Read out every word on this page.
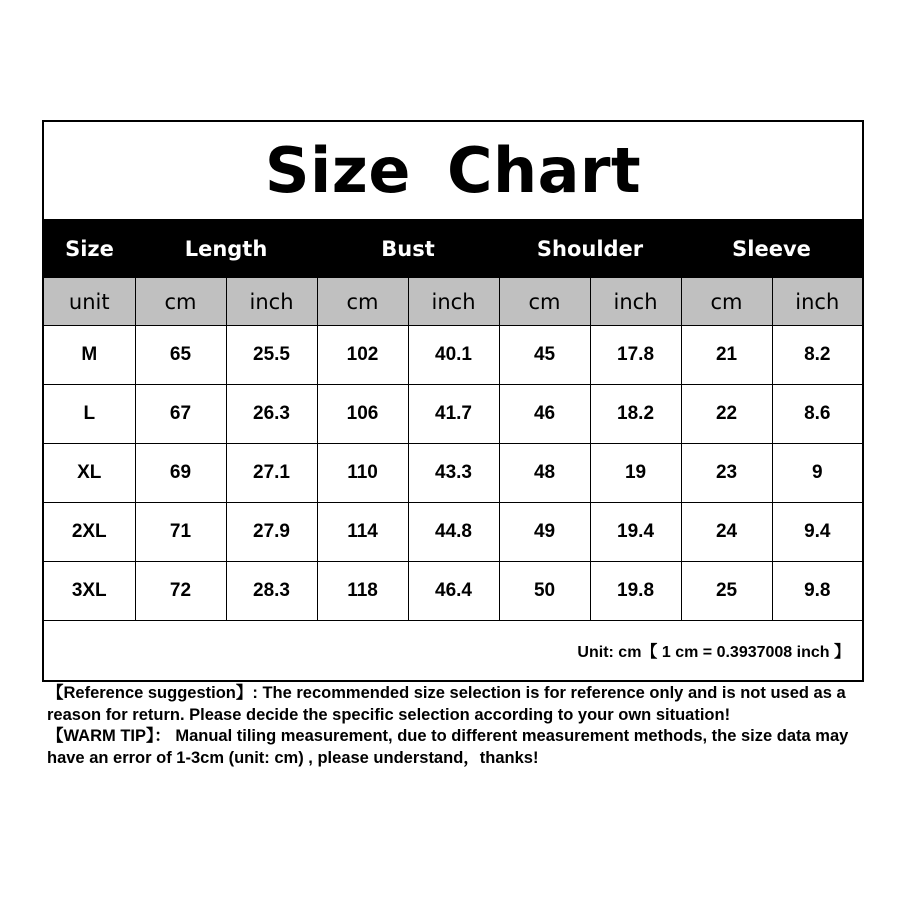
Size Chart
Size	Length		Bust		Shoulder		Sleeve	
unit	cm	inch	cm	inch	cm	inch	cm	inch
M	65	25.5	102	40.1	45	17.8	21	8.2
L	67	26.3	106	41.7	46	18.2	22	8.6
XL	69	27.1	110	43.3	48	19	23	9
2XL	71	27.9	114	44.8	49	19.4	24	9.4
3XL	72	28.3	118	46.4	50	19.8	25	9.8
Unit: cm【 1 cm = 0.3937008 inch 】

【Reference suggestion】: The recommended size selection is for reference only and is not used as a reason for return. Please decide the specific selection according to your own situation!

【WARM TIP】： Manual tiling measurement, due to different measurement methods, the size data may have an error of 1-3cm (unit: cm) , please understand，thanks!
